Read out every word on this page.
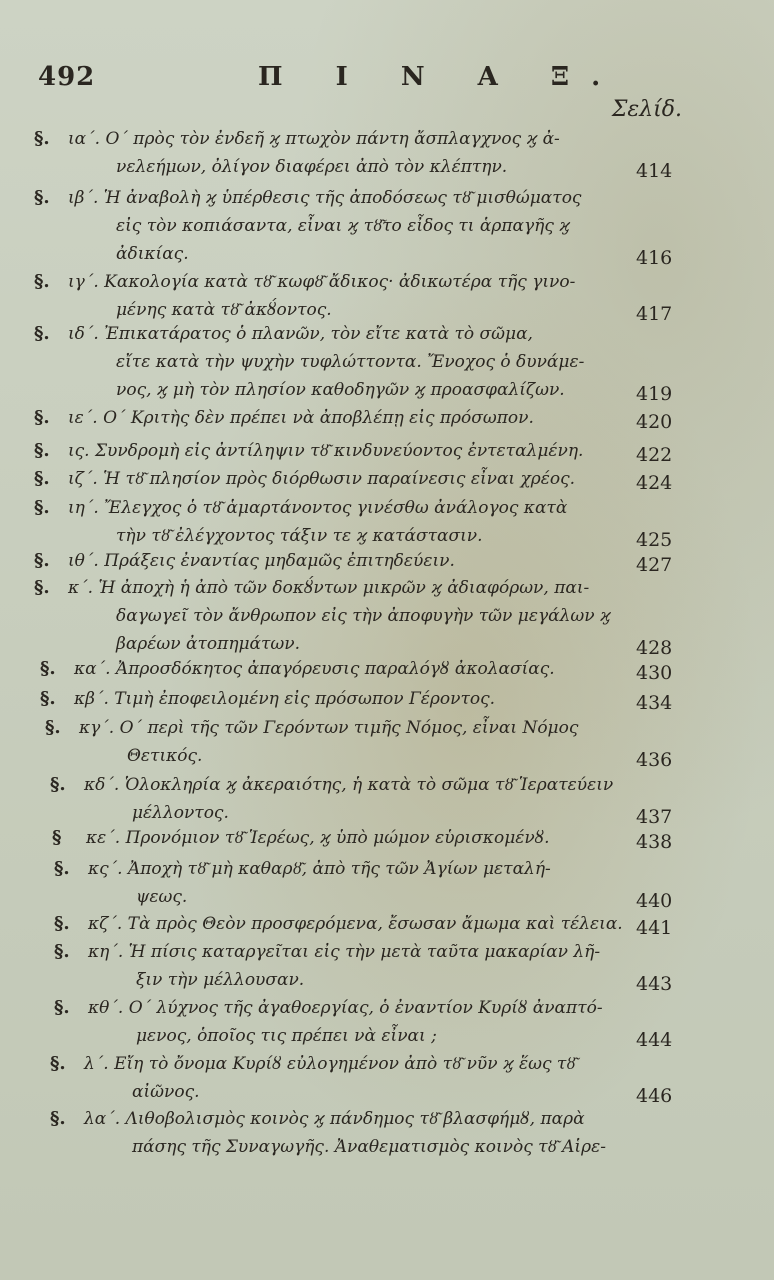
492	Π Ι Ν Α Ξ.
Σελίδ.
§. ια΄. Ο΄ πρὸς τὸν ἐνδεῆ ϗ πτωχὸν πάντη ἄσπλαγχνος ϗ ἀ-
νελεήμων, ὀλίγον διαφέρει ἀπὸ τὸν κλέπτην.	414
§. ιβ΄. Ἡ ἀναβολὴ ϗ ὑπέρθεσις τῆς ἀποδόσεως τȣ͂ μισθώματος
εἰς τὸν κοπιάσαντα, εἶναι ϗ τȣ͂το εἶδος τι ἁρπαγῆς ϗ
ἀδικίας.	416
§. ιγ΄. Κακολογία κατὰ τȣ͂ κωφȣ͂ ἄδικος· ἀδικωτέρα τῆς γινο-
μένης κατὰ τȣ͂ ἀκȣ́οντος.	417
§. ιδ΄. Ἐπικατάρατος ὁ πλανῶν, τὸν εἴτε κατὰ τὸ σῶμα,
εἴτε κατὰ τὴν ψυχὴν τυφλώττοντα. Ἔνοχος ὁ δυνάμε-
νος, ϗ μὴ τὸν πλησίον καθοδηγῶν ϗ προασφαλίζων.	419
§. ιε΄. Ο΄ Κριτὴς δὲν πρέπει νὰ ἀποβλέπῃ εἰς πρόσωπον.	420
§. ις. Συνδρομὴ εἰς ἀντίληψιν τȣ͂ κινδυνεύοντος ἐντεταλμένη.	422
§. ιζ΄. Ἡ τȣ͂ πλησίον πρὸς διόρθωσιν παραίνεσις εἶναι χρέος.	424
§. ιη΄. Ἔλεγχος ὁ τȣ͂ ἁμαρτάνοντος γινέσθω ἀνάλογος κατὰ
τὴν τȣ͂ ἐλέγχοντος τάξιν τε ϗ κατάστασιν.	425
§. ιθ΄. Πράξεις ἐναντίας μηδαμῶς ἐπιτηδεύειν.	427
§. κ΄. Ἡ ἀποχὴ ἡ ἀπὸ τῶν δοκȣ́ντων μικρῶν ϗ ἀδιαφόρων, παι-
δαγωγεῖ τὸν ἄνθρωπον εἰς τὴν ἀποφυγὴν τῶν μεγάλων ϗ
βαρέων ἀτοπημάτων.	428
§. κα΄. Ἀπροσδόκητος ἀπαγόρευσις παραλόγȣ ἀκολασίας.	430
§. κβ΄. Τιμὴ ἐποφειλομένη εἰς πρόσωπον Γέροντος.	434
§. κγ΄. Ο΄ περὶ τῆς τῶν Γερόντων τιμῆς Νόμος, εἶναι Νόμος
Θετικός.	436
§. κδ΄. Ὁλοκληρία ϗ ἀκεραιότης, ἡ κατὰ τὸ σῶμα τȣ͂ Ἱερατεύειν
μέλλοντος.	437
§ κε΄. Προνόμιον τȣ͂ Ἱερέως, ϗ ὑπὸ μώμον εὑρισκομένȣ.	438
§. κς΄. Ἀποχὴ τȣ͂ μὴ καθαρȣ͂, ἀπὸ τῆς τῶν Ἀγίων μεταλή-
ψεως.	440
§. κζ΄. Τὰ πρὸς Θεὸν προσφερόμενα, ἔσωσαν ἄμωμα καὶ τέλεια. 441
§. κη΄. Ἡ πίσις καταργεῖται εἰς τὴν μετὰ ταῦτα μακαρίαν λῆ-
ξιν τὴν μέλλουσαν.	443
§. κθ΄. Ο΄ λύχνος τῆς ἀγαθοεργίας, ὁ ἐναντίον Κυρίȣ ἀναπτό-
μενος, ὁποῖος τις πρέπει νὰ εἶναι ;	444
§. λ΄. Εἴη τὸ ὄνομα Κυρίȣ εὐλογημένον ἀπὸ τȣ͂ νῦν ϗ ἕως τȣ͂
αἰῶνος.	446
§. λα΄. Λιθοβολισμὸς κοινὸς ϗ πάνδημος τȣ͂ βλασφήμȣ, παρὰ
πάσης τῆς Συναγωγῆς. Ἀναθεματισμὸς κοινὸς τȣ͂ Αἱρε-
